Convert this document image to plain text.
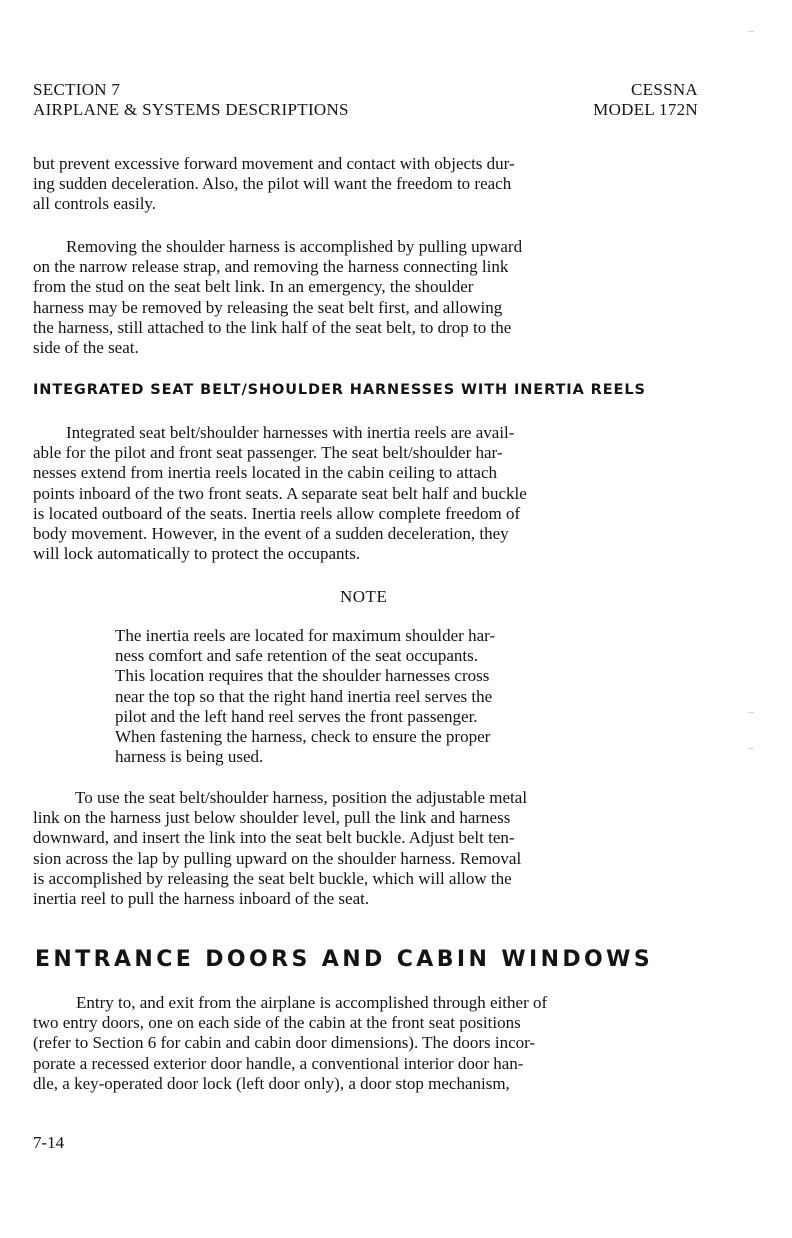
SECTION 7
AIRPLANE & SYSTEMS DESCRIPTIONS

CESSNA
MODEL 172N

but prevent excessive forward movement and contact with objects dur-
ing sudden deceleration. Also, the pilot will want the freedom to reach
all controls easily.

Removing the shoulder harness is accomplished by pulling upward
on the narrow release strap, and removing the harness connecting link
from the stud on the seat belt link. In an emergency, the shoulder
harness may be removed by releasing the seat belt first, and allowing
the harness, still attached to the link half of the seat belt, to drop to the
side of the seat.

INTEGRATED SEAT BELT/SHOULDER HARNESSES WITH INERTIA REELS

Integrated seat belt/shoulder harnesses with inertia reels are avail-
able for the pilot and front seat passenger. The seat belt/shoulder har-
nesses extend from inertia reels located in the cabin ceiling to attach
points inboard of the two front seats. A separate seat belt half and buckle
is located outboard of the seats. Inertia reels allow complete freedom of
body movement. However, in the event of a sudden deceleration, they
will lock automatically to protect the occupants.

NOTE

The inertia reels are located for maximum shoulder har-
ness comfort and safe retention of the seat occupants.
This location requires that the shoulder harnesses cross
near the top so that the right hand inertia reel serves the
pilot and the left hand reel serves the front passenger.
When fastening the harness, check to ensure the proper
harness is being used.

To use the seat belt/shoulder harness, position the adjustable metal
link on the harness just below shoulder level, pull the link and harness
downward, and insert the link into the seat belt buckle. Adjust belt ten-
sion across the lap by pulling upward on the shoulder harness. Removal
is accomplished by releasing the seat belt buckle, which will allow the
inertia reel to pull the harness inboard of the seat.

ENTRANCE DOORS AND CABIN WINDOWS

Entry to, and exit from the airplane is accomplished through either of
two entry doors, one on each side of the cabin at the front seat positions
(refer to Section 6 for cabin and cabin door dimensions). The doors incor-
porate a recessed exterior door handle, a conventional interior door han-
dle, a key-operated door lock (left door only), a door stop mechanism,

7-14
